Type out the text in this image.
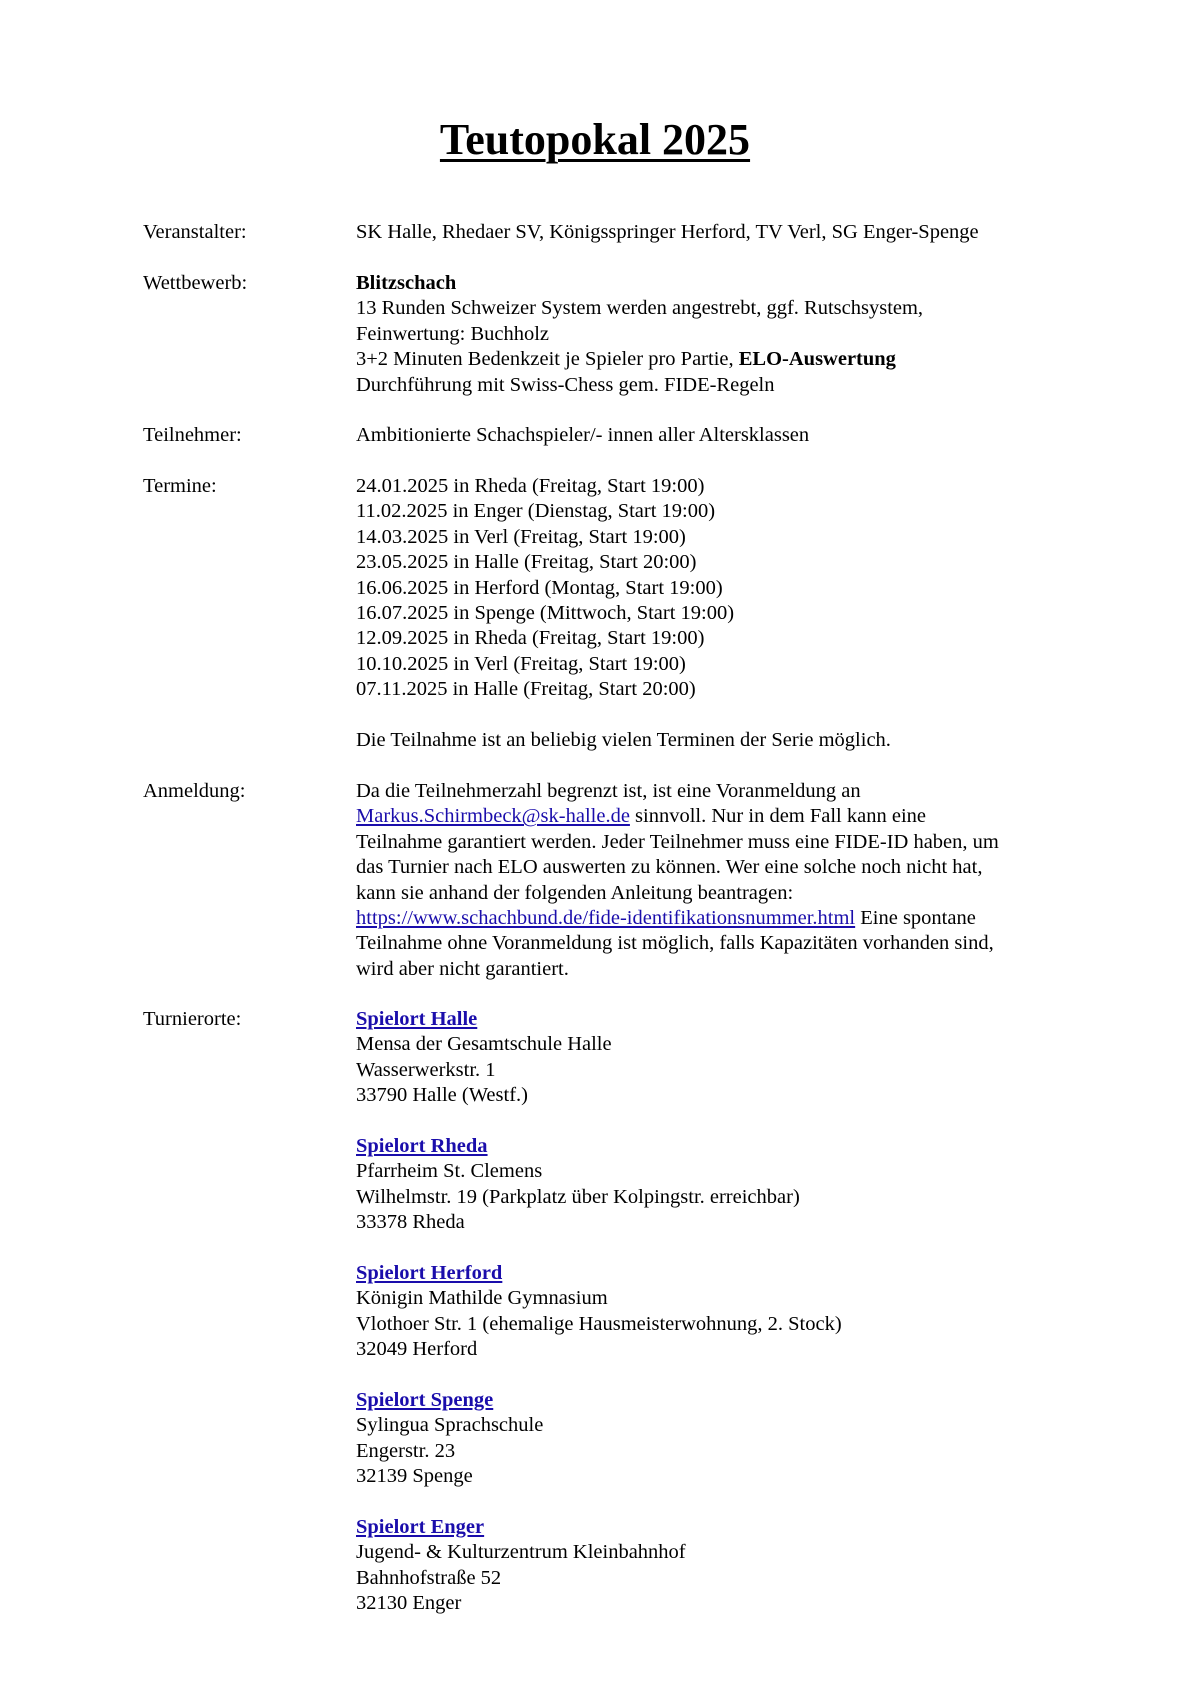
Teutopokal 2025
Veranstalter:	SK Halle, Rhedaer SV, Königsspringer Herford, TV Verl, SG Enger-Spenge
Wettbewerb:	Blitzschach
13 Runden Schweizer System werden angestrebt, ggf. Rutschsystem,
Feinwertung: Buchholz
3+2 Minuten Bedenkzeit je Spieler pro Partie, ELO-Auswertung
Durchführung mit Swiss-Chess gem. FIDE-Regeln
Teilnehmer:	Ambitionierte Schachspieler/- innen aller Altersklassen
Termine:	24.01.2025 in Rheda (Freitag, Start 19:00)
11.02.2025 in Enger (Dienstag, Start 19:00)
14.03.2025 in Verl (Freitag, Start 19:00)
23.05.2025 in Halle (Freitag, Start 20:00)
16.06.2025 in Herford (Montag, Start 19:00)
16.07.2025 in Spenge (Mittwoch, Start 19:00)
12.09.2025 in Rheda (Freitag, Start 19:00)
10.10.2025 in Verl (Freitag, Start 19:00)
07.11.2025 in Halle (Freitag, Start 20:00)
Die Teilnahme ist an beliebig vielen Terminen der Serie möglich.
Anmeldung:	Da die Teilnehmerzahl begrenzt ist, ist eine Voranmeldung an
Markus.Schirmbeck@sk-halle.de sinnvoll. Nur in dem Fall kann eine
Teilnahme garantiert werden. Jeder Teilnehmer muss eine FIDE-ID haben, um
das Turnier nach ELO auswerten zu können. Wer eine solche noch nicht hat,
kann sie anhand der folgenden Anleitung beantragen:
https://www.schachbund.de/fide-identifikationsnummer.html Eine spontane
Teilnahme ohne Voranmeldung ist möglich, falls Kapazitäten vorhanden sind,
wird aber nicht garantiert.
Turnierorte:	Spielort Halle
Mensa der Gesamtschule Halle
Wasserwerkstr. 1
33790 Halle (Westf.)
Spielort Rheda
Pfarrheim St. Clemens
Wilhelmstr. 19 (Parkplatz über Kolpingstr. erreichbar)
33378 Rheda
Spielort Herford
Königin Mathilde Gymnasium
Vlothoer Str. 1 (ehemalige Hausmeisterwohnung, 2. Stock)
32049 Herford
Spielort Spenge
Sylingua Sprachschule
Engerstr. 23
32139 Spenge
Spielort Enger
Jugend- & Kulturzentrum Kleinbahnhof
Bahnhofstraße 52
32130 Enger
